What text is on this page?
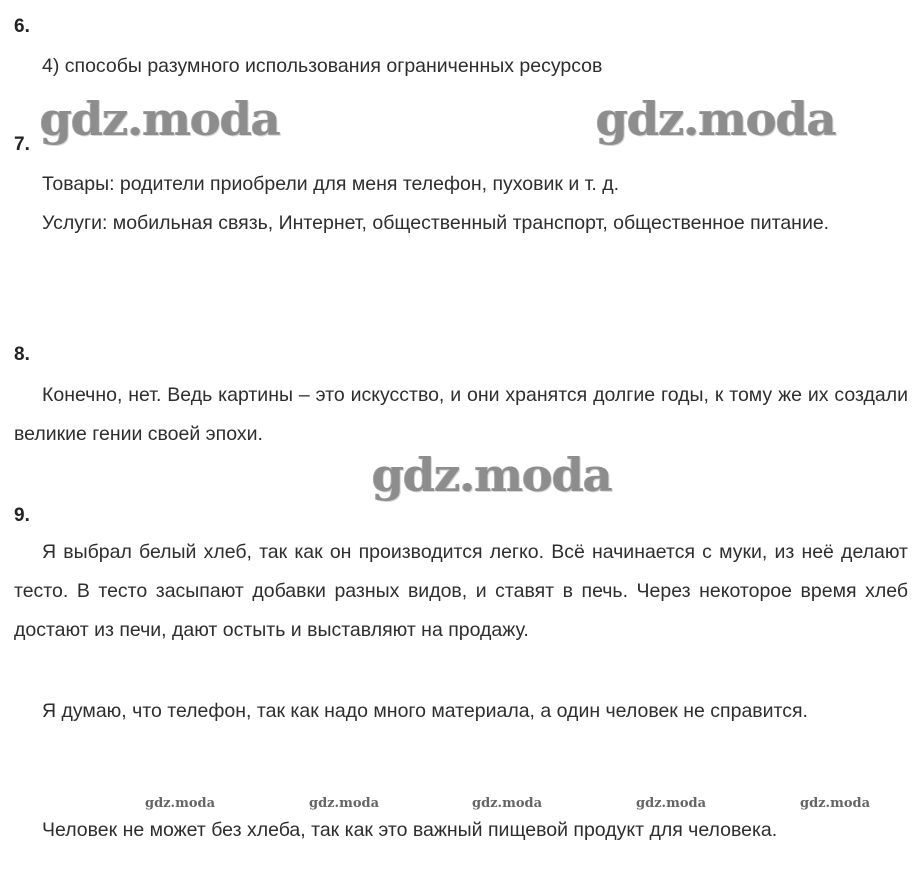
6.

4) способы разумного использования ограниченных ресурсов

gdz.moda	gdz.moda
7.

Товары: родители приобрели для меня телефон, пуховик и т. д.

Услуги: мобильная связь, Интернет, общественный транспорт, общественное питание.

8.

Конечно, нет. Ведь картины – это искусство, и они хранятся долгие годы, к тому же их создали великие гении своей эпохи.

gdz.moda
9.

Я выбрал белый хлеб, так как он производится легко. Всё начинается с муки, из неё делают тесто. В тесто засыпают добавки разных видов, и ставят в печь. Через некоторое время хлеб достают из печи, дают остыть и выставляют на продажу.

Я думаю, что телефон, так как надо много материала, а один человек не справится.

gdz.moda	gdz.moda	gdz.moda	gdz.moda	gdz.moda

Человек не может без хлеба, так как это важный пищевой продукт для человека.
